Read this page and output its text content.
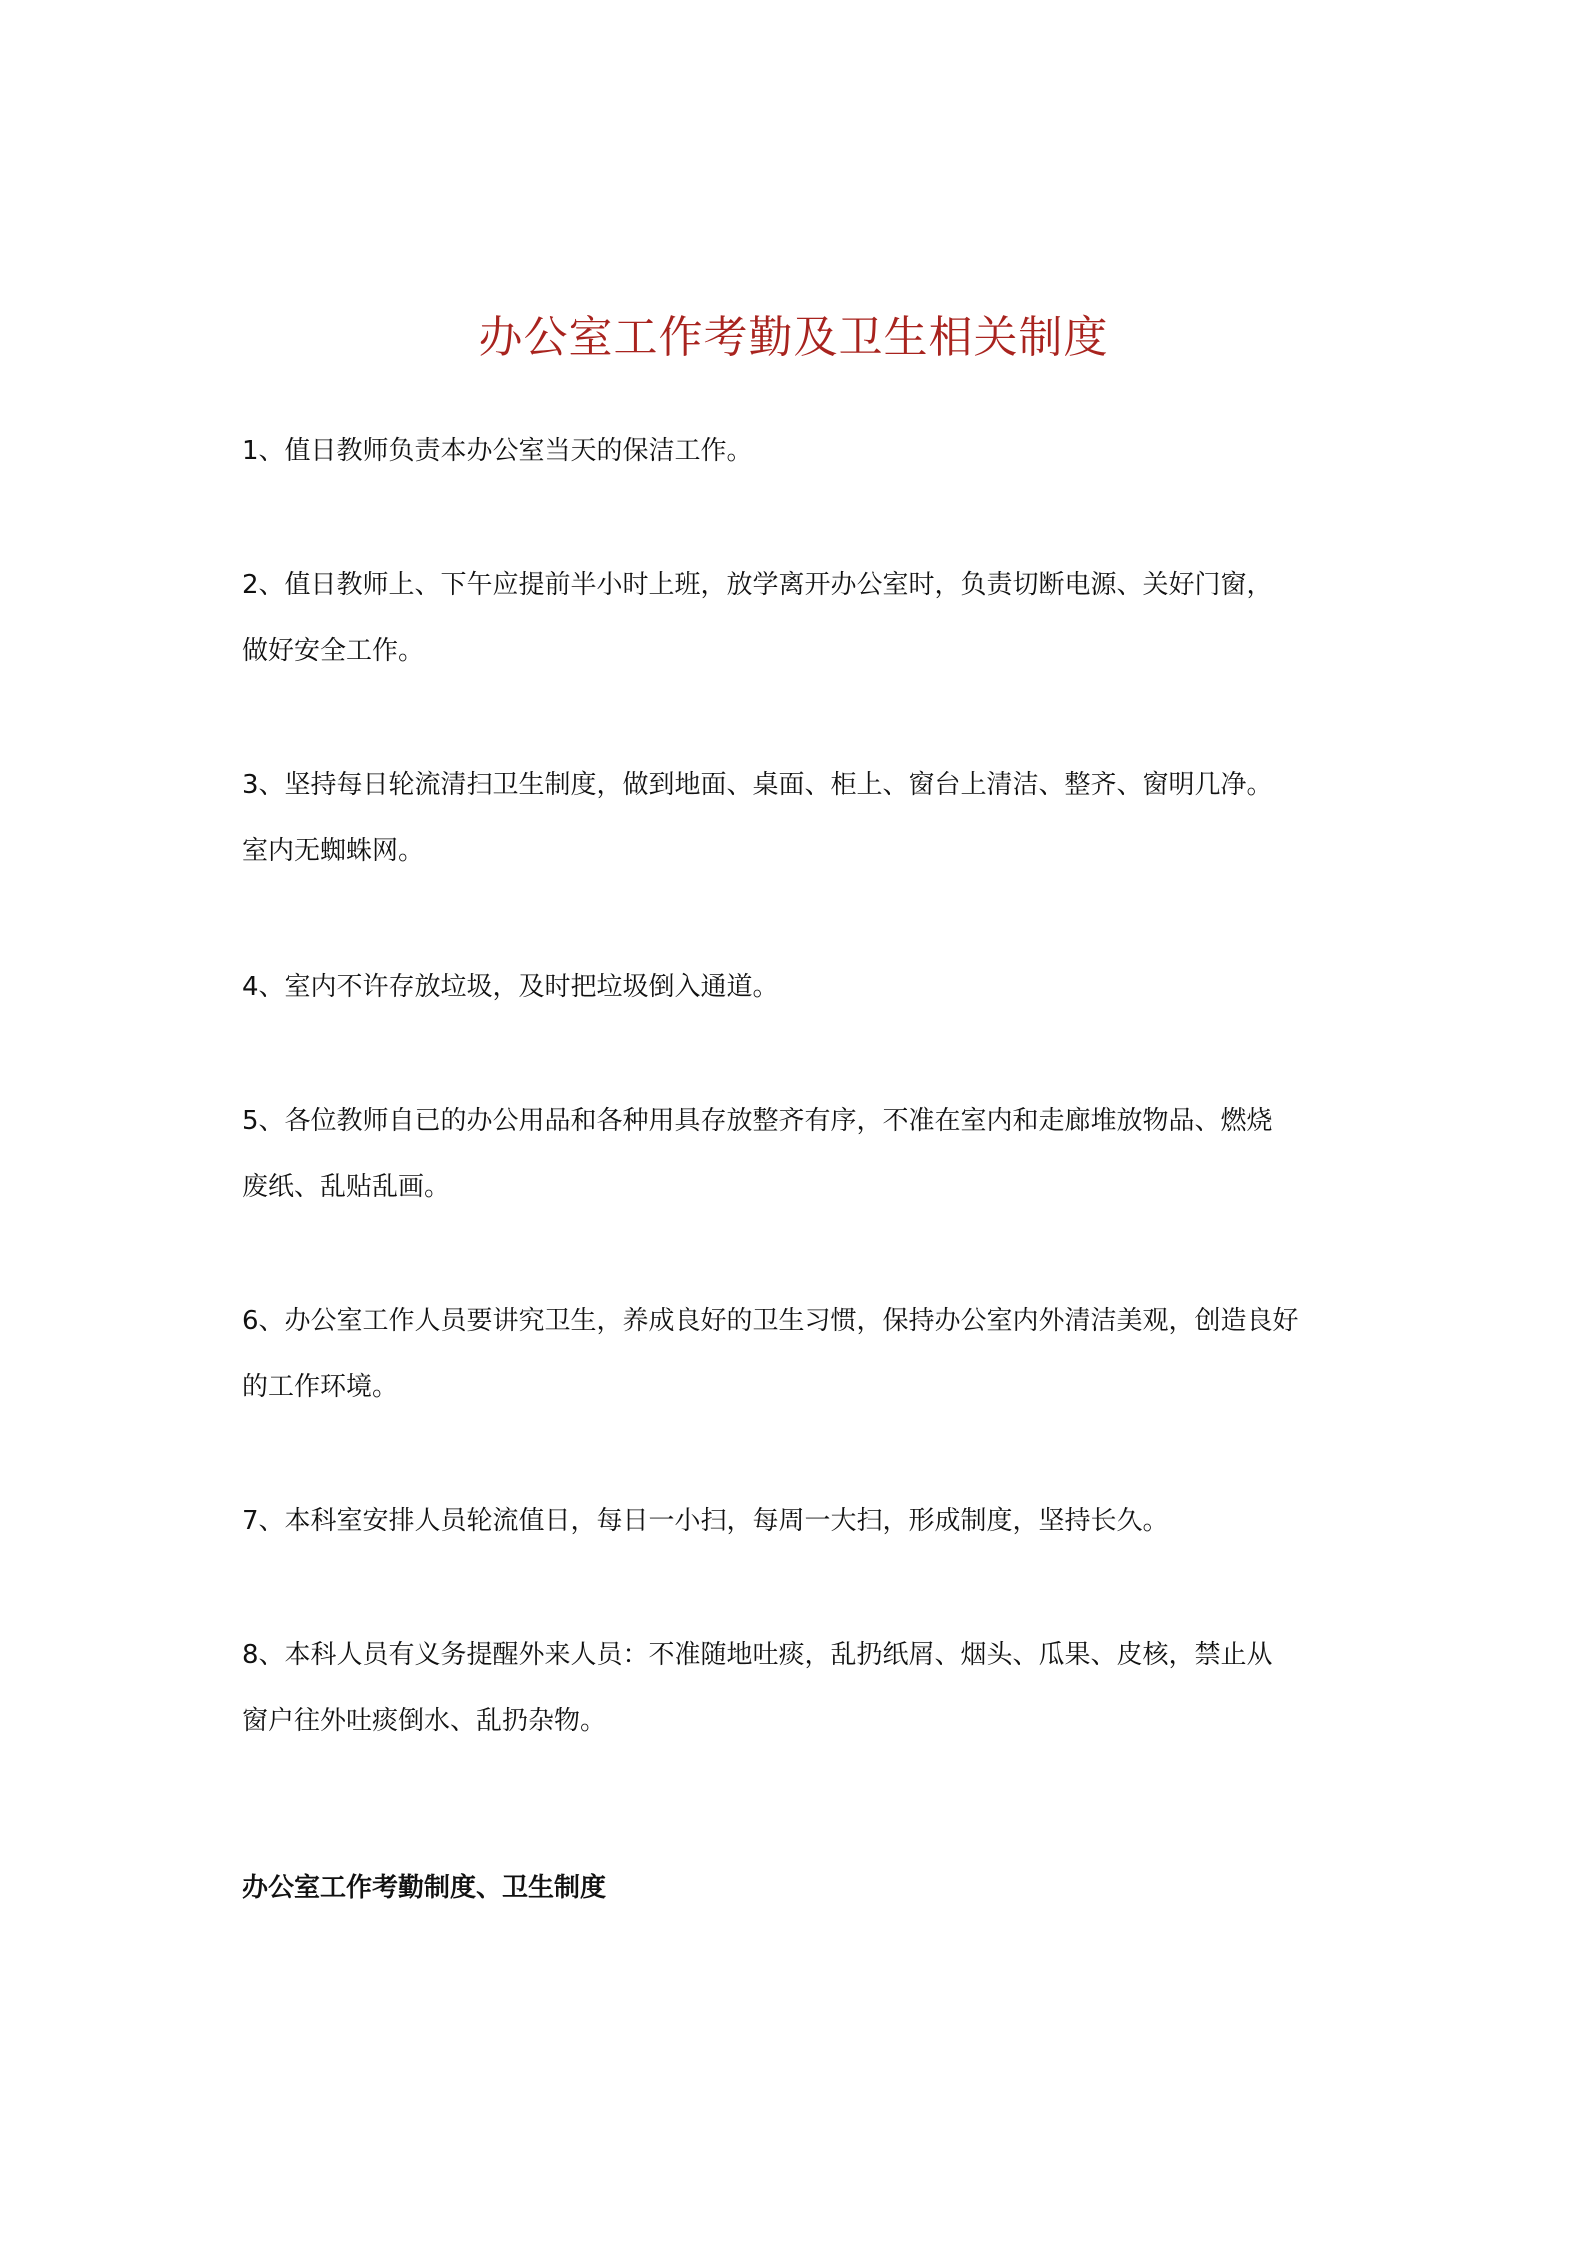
办公室工作考勤及卫生相关制度
1、值日教师负责本办公室当天的保洁工作。
2、值日教师上、下午应提前半小时上班，放学离开办公室时，负责切断电源、关好门窗，
做好安全工作。
3、坚持每日轮流清扫卫生制度，做到地面、桌面、柜上、窗台上清洁、整齐、窗明几净。
室内无蜘蛛网。
4、室内不许存放垃圾，及时把垃圾倒入通道。
5、各位教师自已的办公用品和各种用具存放整齐有序，不准在室内和走廊堆放物品、燃烧
废纸、乱贴乱画。
6、办公室工作人员要讲究卫生，养成良好的卫生习惯，保持办公室内外清洁美观，创造良好
的工作环境。
7、本科室安排人员轮流值日，每日一小扫，每周一大扫，形成制度，坚持长久。
8、本科人员有义务提醒外来人员：不准随地吐痰，乱扔纸屑、烟头、瓜果、皮核，禁止从
窗户往外吐痰倒水、乱扔杂物。
办公室工作考勤制度、卫生制度
